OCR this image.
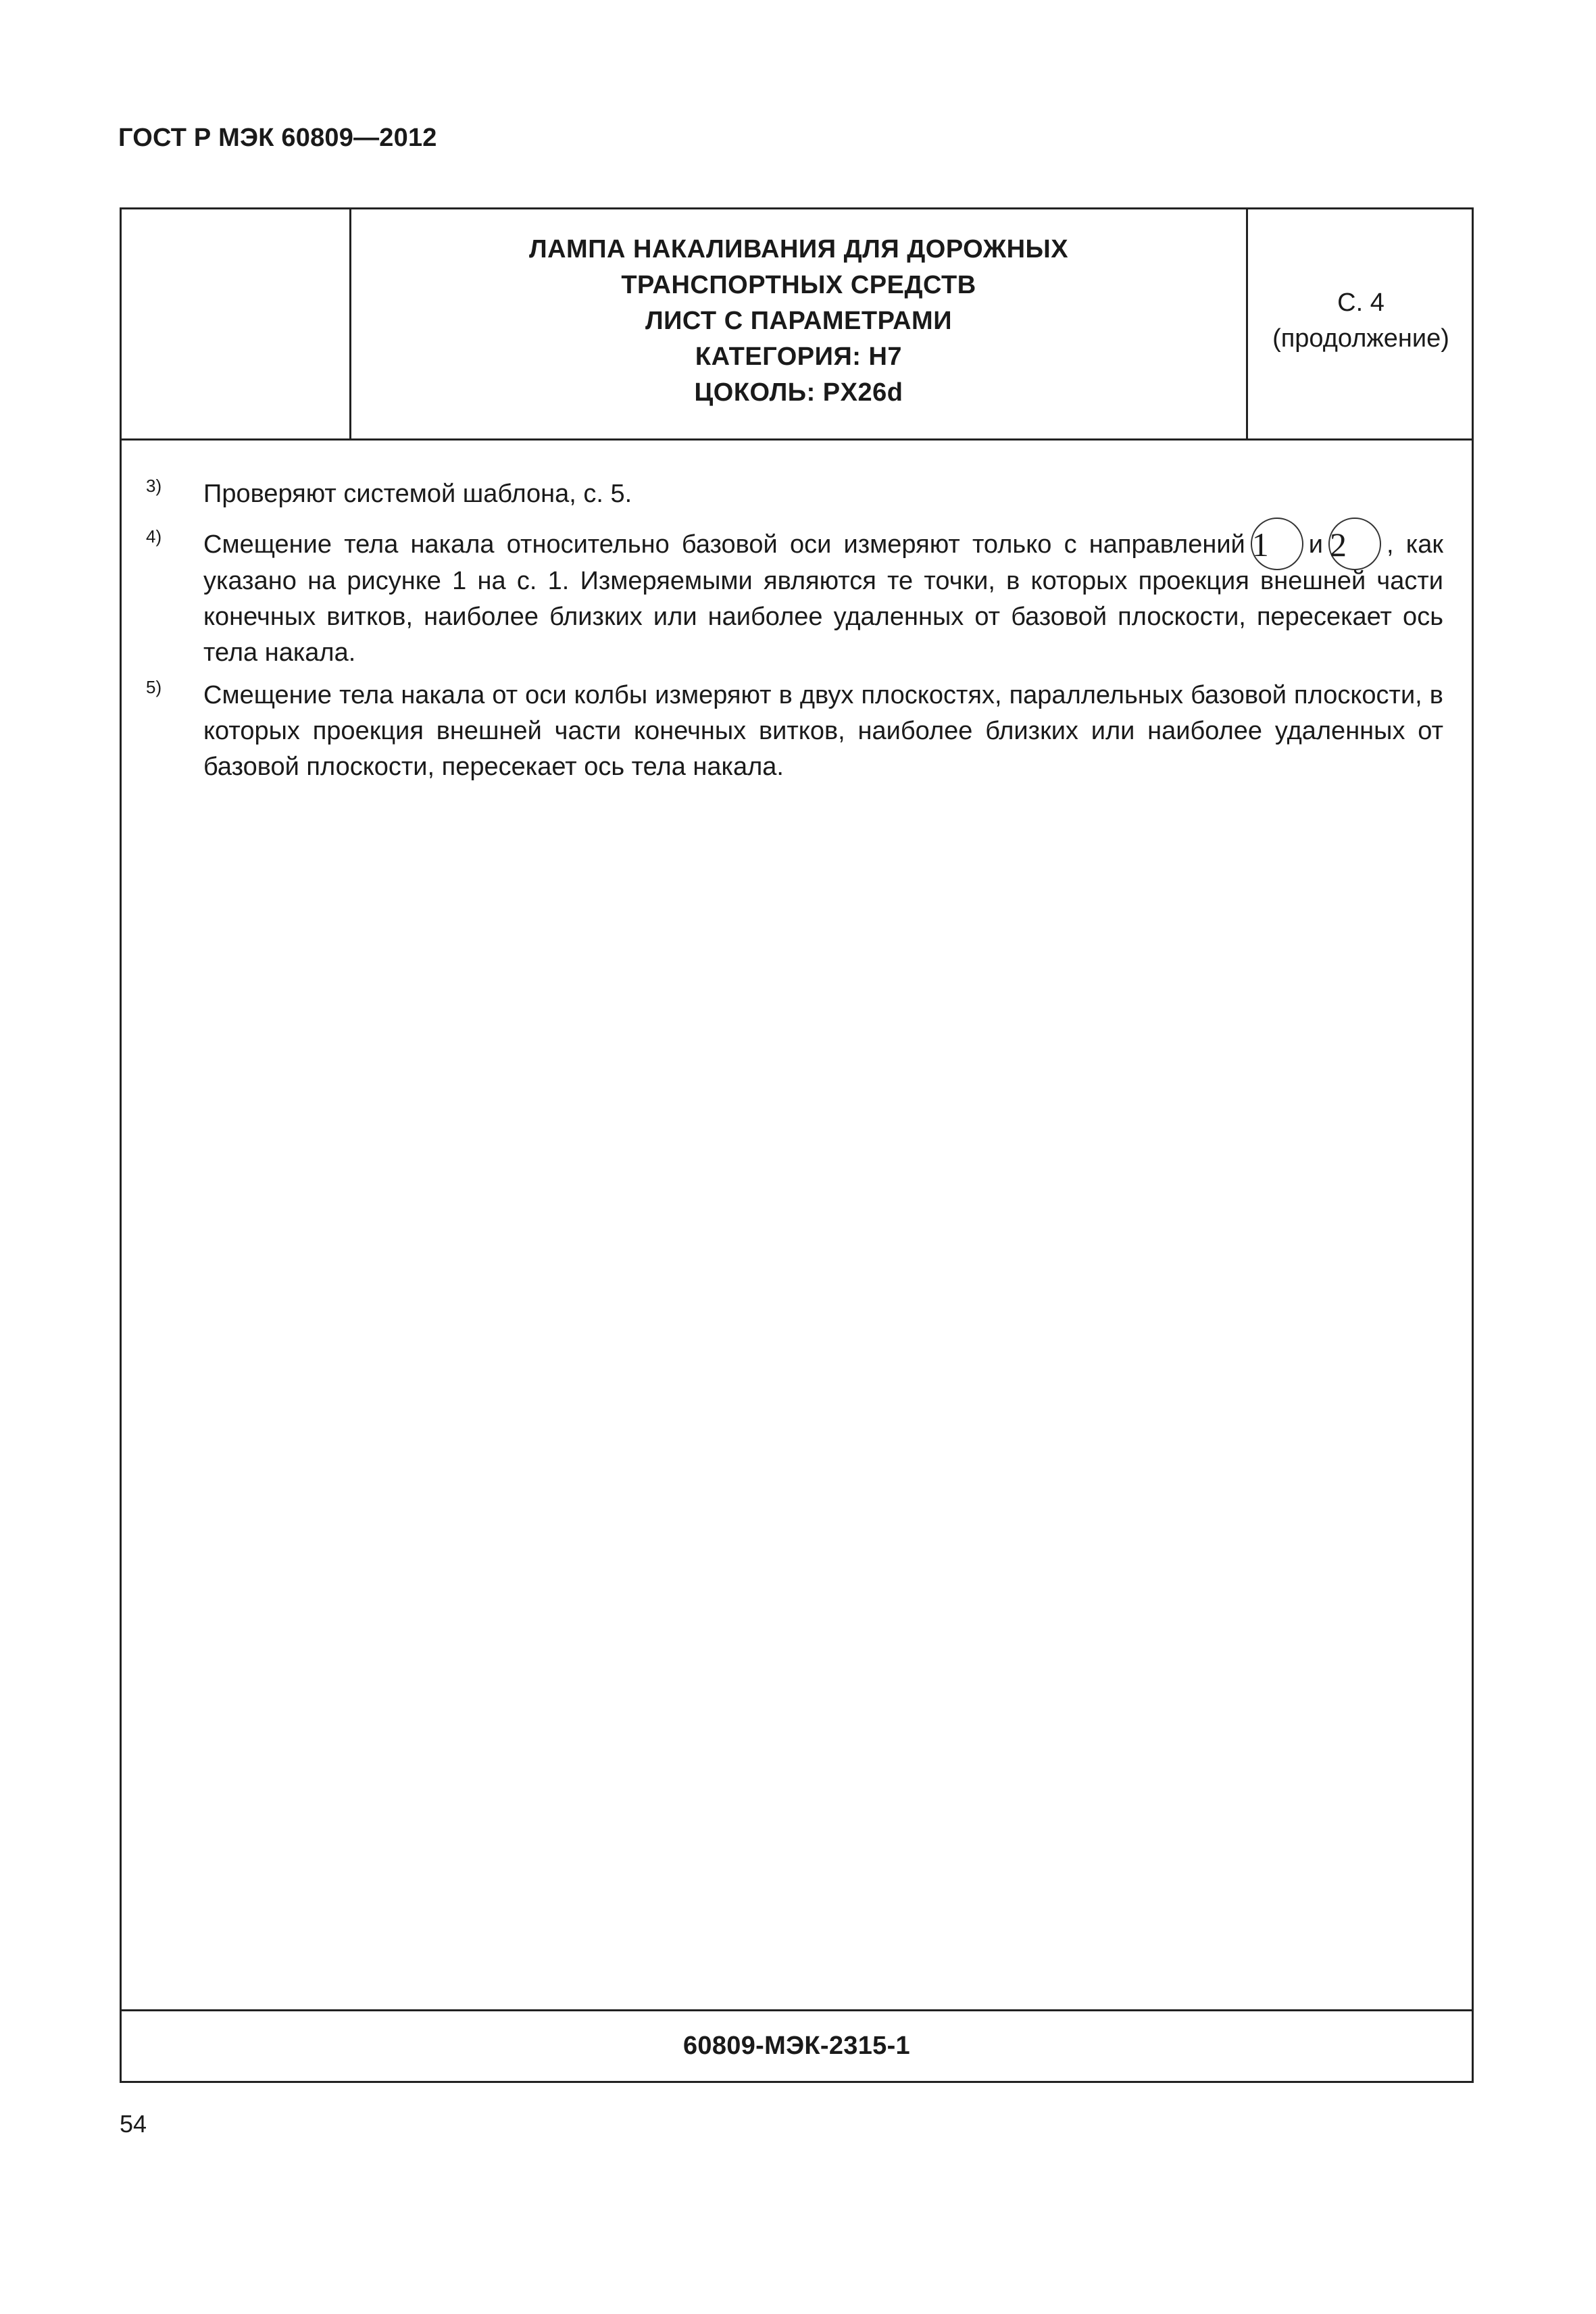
ГОСТ Р МЭК 60809—2012
ЛАМПА НАКАЛИВАНИЯ ДЛЯ ДОРОЖНЫХ
ТРАНСПОРТНЫХ СРЕДСТВ
ЛИСТ С ПАРАМЕТРАМИ
КАТЕГОРИЯ: H7
ЦОКОЛЬ: PX26d
С. 4
(продолжение)
3) Проверяют системой шаблона, с. 5.
4) Смещение тела накала относительно базовой оси измеряют только с направлений 1 и 2 , как указано на рисунке 1 на с. 1. Измеряемыми являются те точки, в которых проекция внешней части конечных витков, наиболее близких или наиболее удаленных от базовой плоскости, пересекает ось тела накала.
5) Смещение тела накала от оси колбы измеряют в двух плоскостях, параллельных базовой плоскости, в которых проекция внешней части конечных витков, наиболее близких или наиболее удаленных от базовой плоскости, пересекает ось тела накала.
60809-МЭК-2315-1
54
